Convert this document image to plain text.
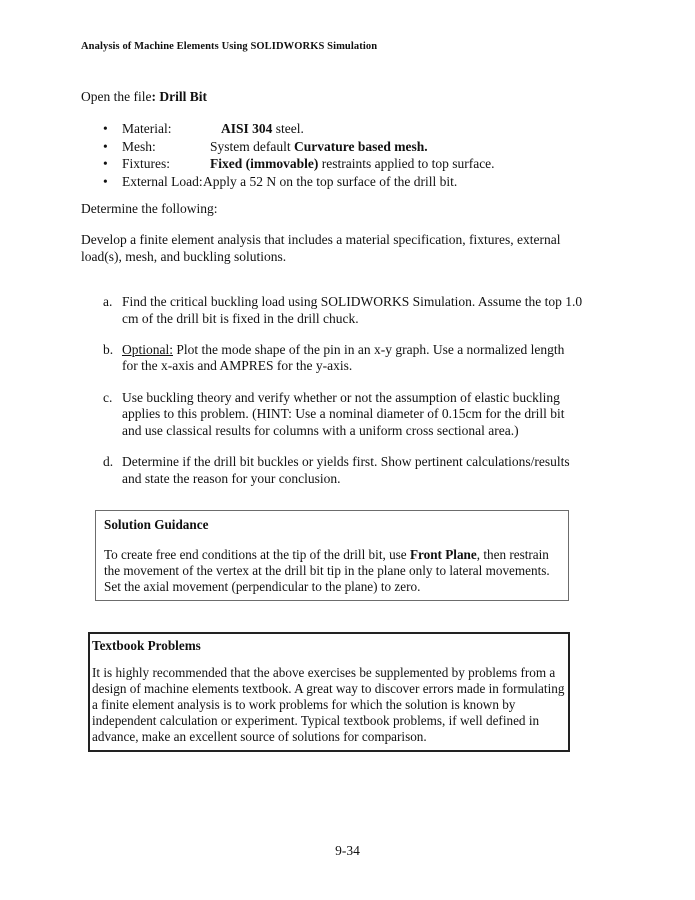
Analysis of Machine Elements Using SOLIDWORKS Simulation
Open the file: Drill Bit
•	Material:	AISI 304 steel.
•	Mesh:	System default Curvature based mesh.
•	Fixtures:	Fixed (immovable) restraints applied to top surface.
•	External Load: Apply a 52 N on the top surface of the drill bit.
Determine the following:
Develop a finite element analysis that includes a material specification, fixtures, external load(s), mesh, and buckling solutions.
a. Find the critical buckling load using SOLIDWORKS Simulation. Assume the top 1.0 cm of the drill bit is fixed in the drill chuck.
b. Optional: Plot the mode shape of the pin in an x-y graph. Use a normalized length for the x-axis and AMPRES for the y-axis.
c. Use buckling theory and verify whether or not the assumption of elastic buckling applies to this problem. (HINT: Use a nominal diameter of 0.15cm for the drill bit and use classical results for columns with a uniform cross sectional area.)
d. Determine if the drill bit buckles or yields first. Show pertinent calculations/results and state the reason for your conclusion.
Solution Guidance
To create free end conditions at the tip of the drill bit, use Front Plane, then restrain the movement of the vertex at the drill bit tip in the plane only to lateral movements. Set the axial movement (perpendicular to the plane) to zero.
Textbook Problems
It is highly recommended that the above exercises be supplemented by problems from a design of machine elements textbook. A great way to discover errors made in formulating a finite element analysis is to work problems for which the solution is known by independent calculation or experiment. Typical textbook problems, if well defined in advance, make an excellent source of solutions for comparison.
9-34
